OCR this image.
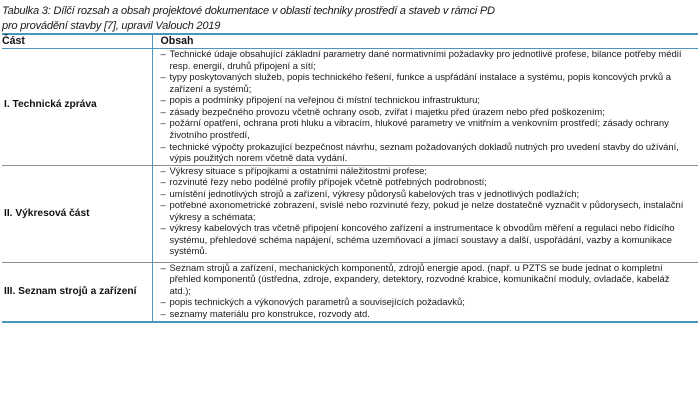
Tabulka 3: Dílčí rozsah a obsah projektové dokumentace v oblasti techniky prostředí a staveb v rámci PD
pro provádění stavby [7], upravil Valouch 2019
Část	Obsah

I. Technická zpráva

– Technické údaje obsahující základní parametry dané normativními požadavky pro jednotlivé profese, bilance potřeby médií resp. energií, druhů připojení a sítí;
– typy poskytovaných služeb, popis technického řešení, funkce a uspřádání instalace a systému, popis koncových prvků a zařízení a systémů;
– popis a podmínky připojení na veřejnou či místní technickou infrastrukturu;
– zásady bezpečného provozu včetně ochrany osob, zvířat i majetku před úrazem nebo před poškozením;
– požární opatření, ochrana proti hluku a vibracím, hlukové parametry ve vnitřním a venkovním prostředí; zásady ochrany životního prostředí,
– technické výpočty prokazující bezpečnost návrhu, seznam požadovaných dokladů nutných pro uvedení stavby do užívání, výpis použitých norem včetně data vydání.

II. Výkresová část

– Výkresy situace s přípojkami a ostatními náležitostmi profese;
– rozvinuté řezy nebo podélné profily přípojek včetně potřebných podrobností;
– umístění jednotlivých strojů a zařízení, výkresy půdorysů kabelových tras v jednotlivých podlažích;
– potřebné axonometrické zobrazení, svislé nebo rozvinuté řezy, pokud je nelze dostatečně vyznačit v půdorysech, instalační výkresy a schémata;
– výkresy kabelových tras včetně připojení koncového zařízení a instrumentace k obvodům měření a regulaci nebo řídicího systému, přehledové schéma napájení, schéma uzemňovací a jímací soustavy a další, uspořádání, vazby a komunikace systémů.

III. Seznam strojů a zařízení

– Seznam strojů a zařízení, mechanických komponentů, zdrojů energie apod. (např. u PZTS se bude jednat o kompletní přehled komponentů (ústředna, zdroje, expandery, detektory, rozvodné krabice, komunikační moduly, ovladače, kabeláž atd.);
– popis technických a výkonových parametrů a souvisejících požadavků;
– seznamy materiálu pro konstrukce, rozvody atd.
